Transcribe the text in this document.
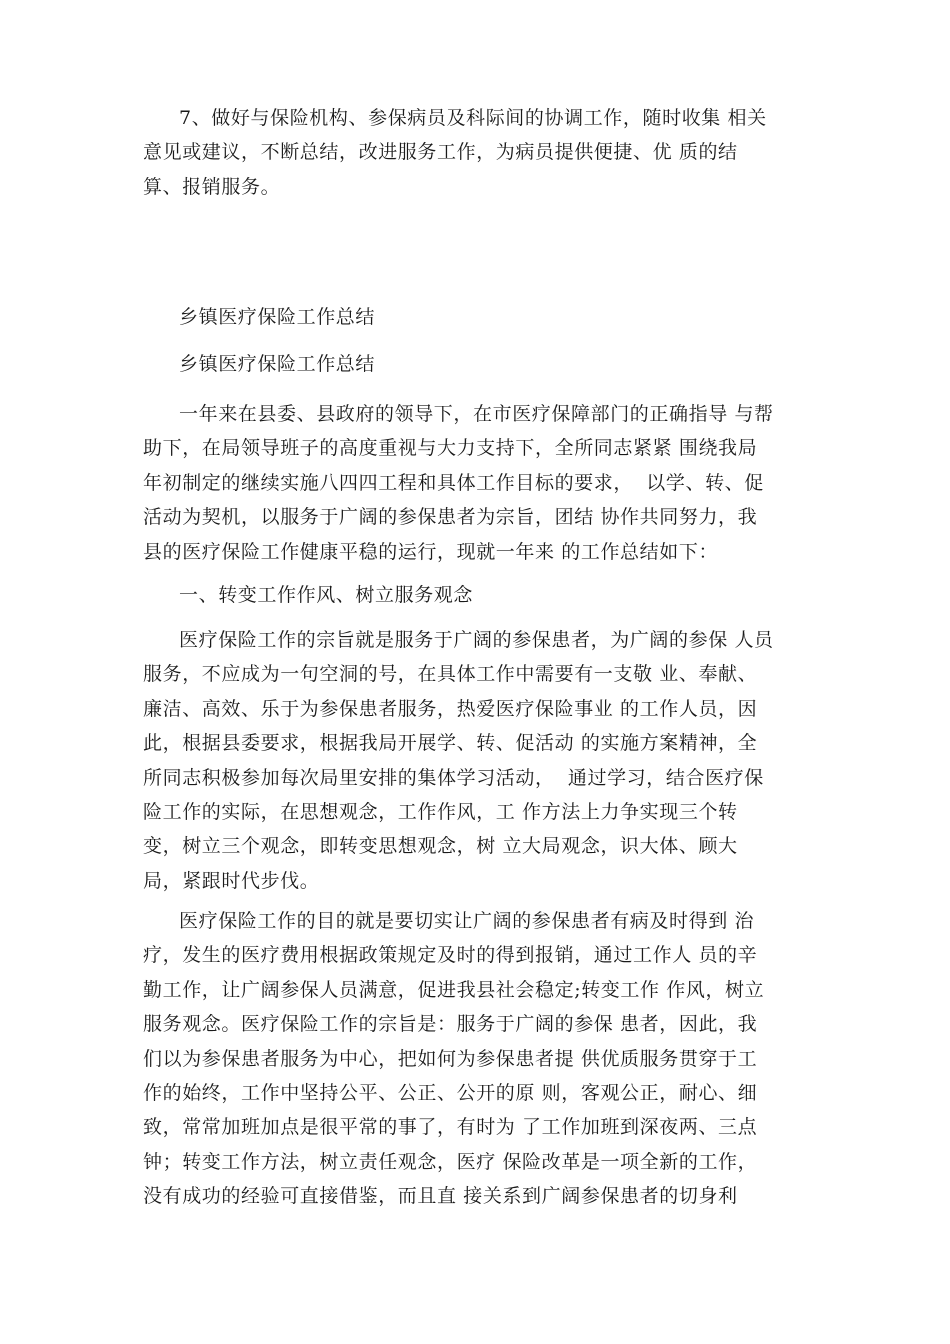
7、做好与保险机构、参保病员及科际间的协调工作，随时收集 相关
意见或建议，不断总结，改进服务工作，为病员提供便捷、优 质的结
算、报销服务。

乡镇医疗保险工作总结

乡镇医疗保险工作总结

一年来在县委、县政府的领导下，在市医疗保障部门的正确指导 与帮
助下，在局领导班子的高度重视与大力支持下，全所同志紧紧 围绕我局
年初制定的继续实施八四四工程和具体工作目标的要求，  以学、转、促
活动为契机，以服务于广阔的参保患者为宗旨，团结 协作共同努力，我
县的医疗保险工作健康平稳的运行，现就一年来 的工作总结如下：

一、转变工作作风、树立服务观念

医疗保险工作的宗旨就是服务于广阔的参保患者，为广阔的参保 人员
服务，不应成为一句空洞的号，在具体工作中需要有一支敬 业、奉献、
廉洁、高效、乐于为参保患者服务，热爱医疗保险事业 的工作人员，因
此，根据县委要求，根据我局开展学、转、促活动 的实施方案精神，全
所同志积极参加每次局里安排的集体学习活动，  通过学习，结合医疗保
险工作的实际，在思想观念，工作作风，工 作方法上力争实现三个转
变，树立三个观念，即转变思想观念，树 立大局观念，识大体、顾大
局，紧跟时代步伐。

医疗保险工作的目的就是要切实让广阔的参保患者有病及时得到 治
疗，发生的医疗费用根据政策规定及时的得到报销，通过工作人 员的辛
勤工作，让广阔参保人员满意，促进我县社会稳定;转变工作 作风，树立
服务观念。医疗保险工作的宗旨是：服务于广阔的参保 患者，因此，我
们以为参保患者服务为中心，把如何为参保患者提 供优质服务贯穿于工
作的始终，工作中坚持公平、公正、公开的原 则，客观公正，耐心、细
致，常常加班加点是很平常的事了，有时为 了工作加班到深夜两、三点
钟；转变工作方法，树立责任观念，医疗 保险改革是一项全新的工作，
没有成功的经验可直接借鉴，而且直 接关系到广阔参保患者的切身利
